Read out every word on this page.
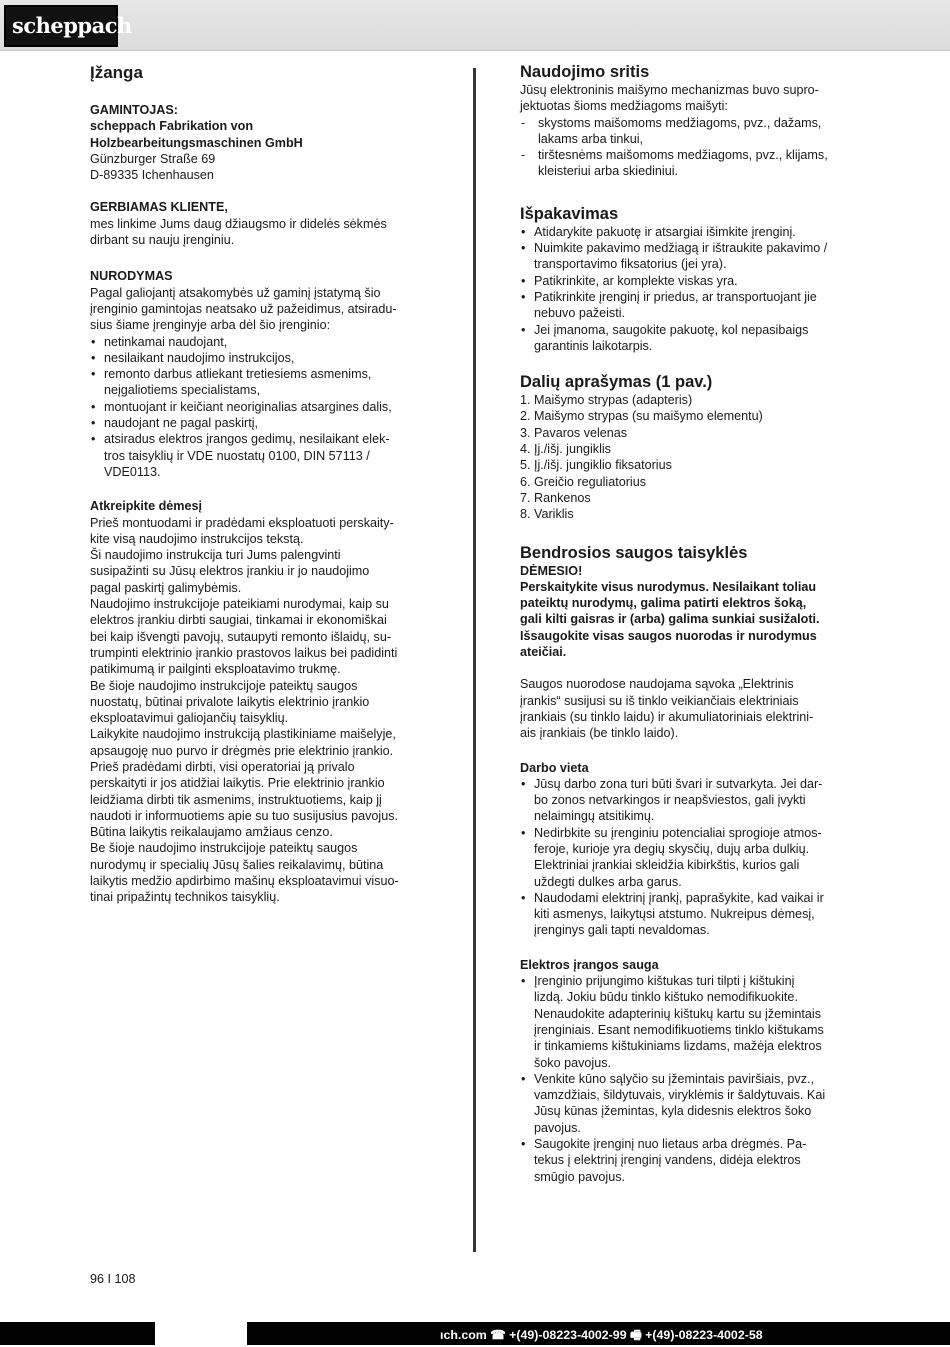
scheppach
Įžanga

GAMINTOJAS:

scheppach Fabrikation von

Holzbearbeitungsmaschinen GmbH

Günzburger Straße 69

D-89335 Ichenhausen

GERBIAMAS KLIENTE,

mes linkime Jums daug džiaugsmo ir didelės sėkmės

dirbant su nauju įrenginiu.

NURODYMAS

Pagal galiojantį atsakomybės už gaminį įstatymą šio

įrenginio gamintojas neatsako už pažeidimus, atsiradu-

sius šiame įrenginyje arba dėl šio įrenginio:

• netinkamai naudojant,
• nesilaikant naudojimo instrukcijos,
• remonto darbus atliekant tretiesiems asmenims,
neįgaliotiems specialistams,
• montuojant ir keičiant neoriginalias atsargines dalis,
• naudojant ne pagal paskirtį,
• atsiradus elektros įrangos gedimų, nesilaikant elek-
tros taisyklių ir VDE nuostatų 0100, DIN 57113 /
VDE0113.

Atkreipkite dėmesį

Prieš montuodami ir pradėdami eksploatuoti perskaity-

kite visą naudojimo instrukcijos tekstą.

Ši naudojimo instrukcija turi Jums palengvinti

susipažinti su Jūsų elektros įrankiu ir jo naudojimo

pagal paskirtį galimybėmis.

Naudojimo instrukcijoje pateikiami nurodymai, kaip su

elektros įrankiu dirbti saugiai, tinkamai ir ekonomiškai

bei kaip išvengti pavojų, sutaupyti remonto išlaidų, su-

trumpinti elektrinio įrankio prastovos laikus bei padidinti

patikimumą ir pailginti eksploatavimo trukmę.

Be šioje naudojimo instrukcijoje pateiktų saugos

nuostatų, būtinai privalote laikytis elektrinio įrankio

eksploatavimui galiojančių taisyklių.

Laikykite naudojimo instrukciją plastikiniame maišelyje,

apsaugoję nuo purvo ir drėgmės prie elektrinio įrankio.

Prieš pradėdami dirbti, visi operatoriai ją privalo

perskaityti ir jos atidžiai laikytis. Prie elektrinio įrankio

leidžiama dirbti tik asmenims, instruktuotiems, kaip jį

naudoti ir informuotiems apie su tuo susijusius pavojus.

Būtina laikytis reikalaujamo amžiaus cenzo.

Be šioje naudojimo instrukcijoje pateiktų saugos

nurodymų ir specialių Jūsų šalies reikalavimų, būtina

laikytis medžio apdirbimo mašinų eksploatavimui visuo-

tinai pripažintų technikos taisyklių.

Naudojimo sritis

Jūsų elektroninis maišymo mechanizmas buvo supro-

jektuotas šioms medžiagoms maišyti:

- skystoms maišomoms medžiagoms, pvz., dažams,
lakams arba tinkui,
- tirštesnėms maišomoms medžiagoms, pvz., klijams,
kleisteriui arba skiediniui.
Išpakavimas
• Atidarykite pakuotę ir atsargiai išimkite įrenginį.
• Nuimkite pakavimo medžiagą ir ištraukite pakavimo /
transportavimo fiksatorius (jei yra).
• Patikrinkite, ar komplekte viskas yra.
• Patikrinkite įrenginį ir priedus, ar transportuojant jie
nebuvo pažeisti.
• Jei įmanoma, saugokite pakuotę, kol nepasibaigs
garantinis laikotarpis.
Dalių aprašymas (1 pav.)
1. Maišymo strypas (adapteris)
2. Maišymo strypas (su maišymo elementu)
3. Pavaros velenas
4. Įj./išj. jungiklis
5. Įj./išj. jungiklio fiksatorius
6. Greičio reguliatorius
7. Rankenos
8. Variklis
Bendrosios saugos taisyklės

DĖMESIO!

Perskaitykite visus nurodymus. Nesilaikant toliau

pateiktų nurodymų, galima patirti elektros šoką,

gali kilti gaisras ir (arba) galima sunkiai susižaloti.

Išsaugokite visas saugos nuorodas ir nurodymus

ateičiai.

Saugos nuorodose naudojama sąvoka „Elektrinis

įrankis“ susijusi su iš tinklo veikiančiais elektriniais

įrankiais (su tinklo laidu) ir akumuliatoriniais elektrini-

ais įrankiais (be tinklo laido).

Darbo vieta

• Jūsų darbo zona turi būti švari ir sutvarkyta. Jei dar-
bo zonos netvarkingos ir neapšviestos, gali įvykti
nelaimingų atsitikimų.
• Nedirbkite su įrenginiu potencialiai sprogioje atmos-
feroje, kurioje yra degių skysčių, dujų arba dulkių.
Elektriniai įrankiai skleidžia kibirkštis, kurios gali
uždegti dulkes arba garus.
• Naudodami elektrinį įrankį, paprašykite, kad vaikai ir
kiti asmenys, laikytųsi atstumo. Nukreipus dėmesį,
įrenginys gali tapti nevaldomas.

Elektros įrangos sauga

• Įrenginio prijungimo kištukas turi tilpti į kištukinį
lizdą. Jokiu būdu tinklo kištuko nemodifikuokite.
Nenaudokite adapterinių kištukų kartu su įžemintais
įrenginiais. Esant nemodifikuotiems tinklo kištukams
ir tinkamiems kištukiniams lizdams, mažėja elektros
šoko pavojus.
• Venkite kūno sąlyčio su įžemintais paviršiais, pvz.,
vamzdžiais, šildytuvais, viryklėmis ir šaldytuvais. Kai
Jūsų kūnas įžemintas, kyla didesnis elektros šoko
pavojus.
• Saugokite įrenginį nuo lietaus arba drėgmės. Pa-
tekus į elektrinį įrenginį vandens, didėja elektros
smūgio pavojus.
96 I 108
ıch.com ☎ +(49)-08223-4002-99 🖷 +(49)-08223-4002-58
